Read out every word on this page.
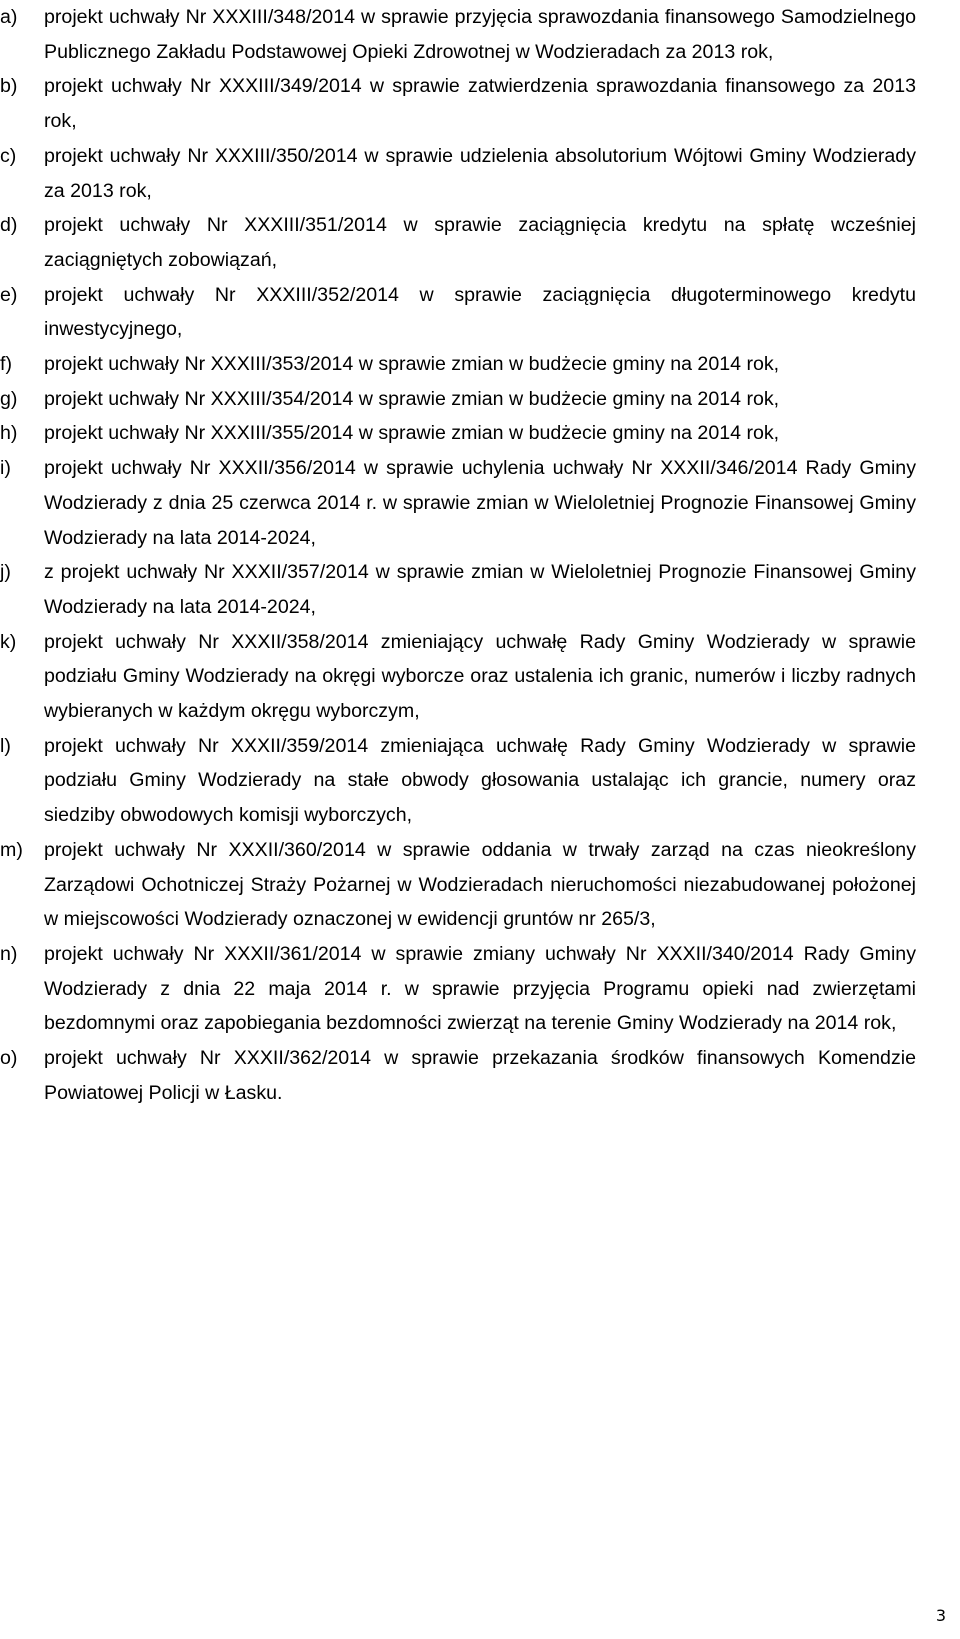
a) projekt uchwały Nr XXXIII/348/2014 w sprawie przyjęcia sprawozdania finansowego Samodzielnego Publicznego Zakładu Podstawowej Opieki Zdrowotnej w Wodzieradach za 2013 rok,
b) projekt uchwały Nr XXXIII/349/2014 w sprawie zatwierdzenia sprawozdania finansowego za 2013 rok,
c) projekt uchwały Nr XXXIII/350/2014 w sprawie udzielenia absolutorium Wójtowi Gminy Wodzierady za 2013 rok,
d) projekt uchwały Nr XXXIII/351/2014 w sprawie zaciągnięcia kredytu na spłatę wcześniej zaciągniętych zobowiązań,
e) projekt uchwały Nr XXXIII/352/2014 w sprawie zaciągnięcia długoterminowego kredytu inwestycyjnego,
f) projekt uchwały Nr XXXIII/353/2014 w sprawie zmian w budżecie gminy na 2014 rok,
g) projekt uchwały Nr XXXIII/354/2014 w sprawie zmian w budżecie gminy na 2014 rok,
h) projekt uchwały Nr XXXIII/355/2014 w sprawie zmian w budżecie gminy na 2014 rok,
i) projekt uchwały Nr XXXII/356/2014 w sprawie uchylenia uchwały Nr XXXII/346/2014 Rady Gminy Wodzierady z dnia 25 czerwca 2014 r. w sprawie zmian w Wieloletniej Prognozie Finansowej Gminy Wodzierady na lata 2014-2024,
j) z projekt uchwały Nr XXXII/357/2014 w sprawie zmian w Wieloletniej Prognozie Finansowej Gminy Wodzierady na lata 2014-2024,
k) projekt uchwały Nr XXXII/358/2014 zmieniający uchwałę Rady Gminy Wodzierady w sprawie podziału Gminy Wodzierady na okręgi wyborcze oraz ustalenia ich granic, numerów i liczby radnych wybieranych w każdym okręgu wyborczym,
l) projekt uchwały Nr XXXII/359/2014 zmieniająca uchwałę Rady Gminy Wodzierady w sprawie podziału Gminy Wodzierady na stałe obwody głosowania ustalając ich grancie, numery oraz siedziby obwodowych komisji wyborczych,
m) projekt uchwały Nr XXXII/360/2014 w sprawie oddania w trwały zarząd na czas nieokreślony Zarządowi Ochotniczej Straży Pożarnej w Wodzieradach nieruchomości niezabudowanej położonej w miejscowości Wodzierady oznaczonej w ewidencji gruntów nr 265/3,
n) projekt uchwały Nr XXXII/361/2014 w sprawie zmiany uchwały Nr XXXII/340/2014 Rady Gminy Wodzierady z dnia 22 maja 2014 r. w sprawie przyjęcia Programu opieki nad zwierzętami bezdomnymi oraz zapobiegania bezdomności zwierząt na terenie Gminy Wodzierady na 2014 rok,
o) projekt uchwały Nr XXXII/362/2014 w sprawie przekazania środków finansowych Komendzie Powiatowej Policji w Łasku.
3
